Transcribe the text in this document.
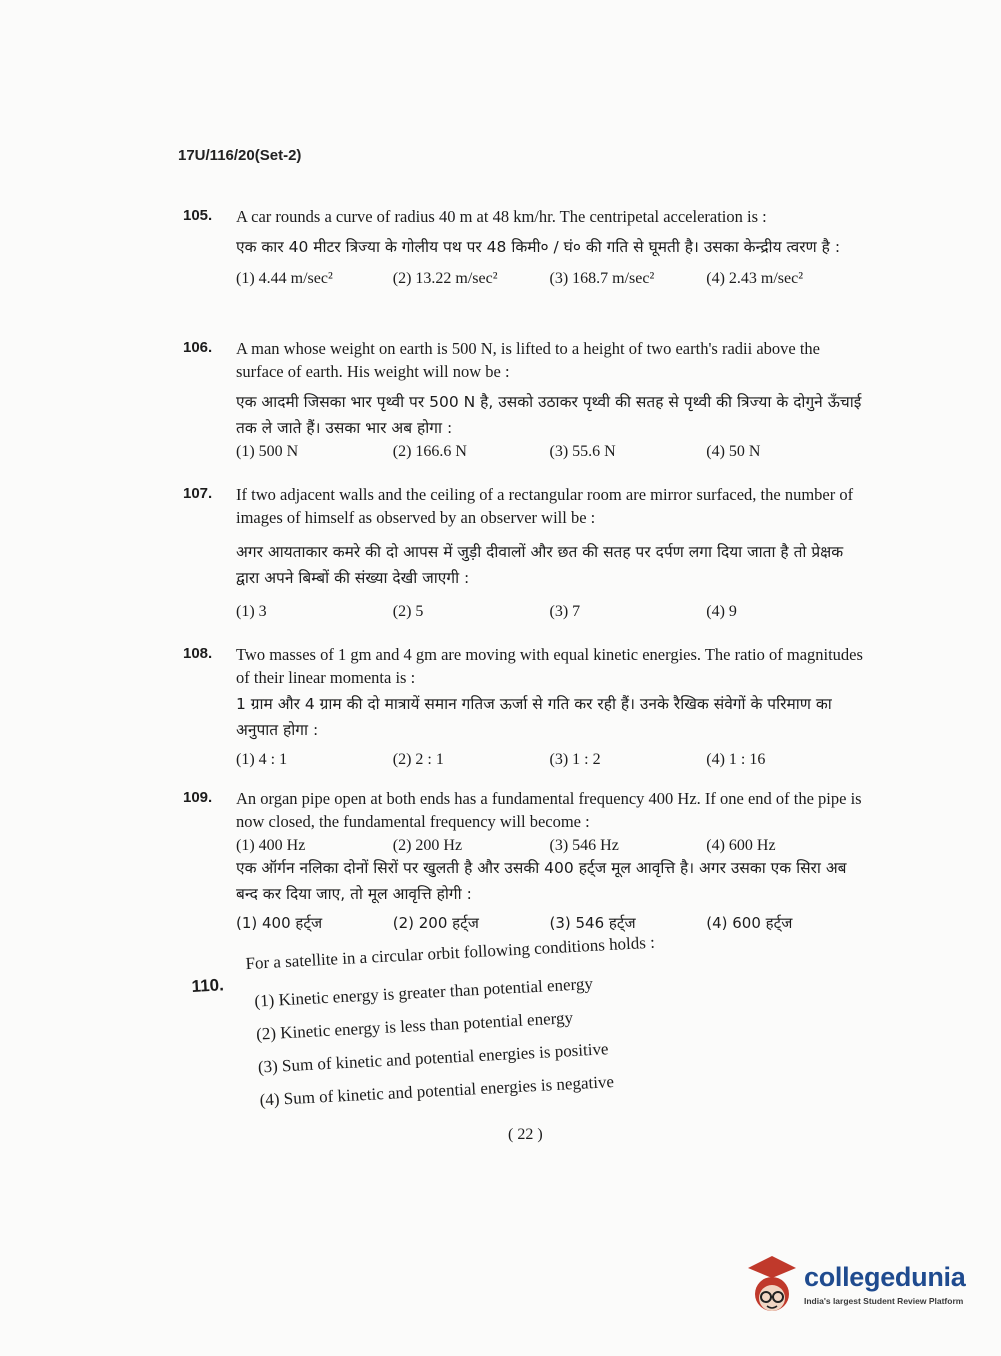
17U/116/20(Set-2)
105. A car rounds a curve of radius 40 m at 48 km/hr. The centripetal acceleration is :
एक कार 40 मीटर त्रिज्या के गोलीय पथ पर 48 किमी० / घं० की गति से घूमती है। उसका केन्द्रीय त्वरण है :
(1) 4.44 m/sec²	(2) 13.22 m/sec²	(3) 168.7 m/sec²	(4) 2.43 m/sec²
106. A man whose weight on earth is 500 N, is lifted to a height of two earth's radii above the surface of earth. His weight will now be :
एक आदमी जिसका भार पृथ्वी पर 500 N है, उसको उठाकर पृथ्वी की सतह से पृथ्वी की त्रिज्या के दोगुने ऊँचाई तक ले जाते हैं। उसका भार अब होगा :
(1) 500 N	(2) 166.6 N	(3) 55.6 N	(4) 50 N
107. If two adjacent walls and the ceiling of a rectangular room are mirror surfaced, the number of images of himself as observed by an observer will be :
अगर आयताकार कमरे की दो आपस में जुड़ी दीवालों और छत की सतह पर दर्पण लगा दिया जाता है तो प्रेक्षक द्वारा अपने बिम्बों की संख्या देखी जाएगी :
(1) 3	(2) 5	(3) 7	(4) 9
108. Two masses of 1 gm and 4 gm are moving with equal kinetic energies. The ratio of magnitudes of their linear momenta is :
1 ग्राम और 4 ग्राम की दो मात्रायें समान गतिज ऊर्जा से गति कर रही हैं। उनके रैखिक संवेगों के परिमाण का अनुपात होगा :
(1) 4 : 1	(2) 2 : 1	(3) 1 : 2	(4) 1 : 16
109. An organ pipe open at both ends has a fundamental frequency 400 Hz. If one end of the pipe is now closed, the fundamental frequency will become :
(1) 400 Hz	(2) 200 Hz	(3) 546 Hz	(4) 600 Hz
एक ऑर्गन नलिका दोनों सिरों पर खुलती है और उसकी 400 हर्ट्ज मूल आवृत्ति है। अगर उसका एक सिरा अब बन्द कर दिया जाए, तो मूल आवृत्ति होगी :
(1) 400 हर्ट्ज	(2) 200 हर्ट्ज	(3) 546 हर्ट्ज	(4) 600 हर्ट्ज
110.
For a satellite in a circular orbit following conditions holds :
(1) Kinetic energy is greater than potential energy
(2) Kinetic energy is less than potential energy
(3) Sum of kinetic and potential energies is positive
(4) Sum of kinetic and potential energies is negative
( 22 )
collegedunia
India's largest Student Review Platform
